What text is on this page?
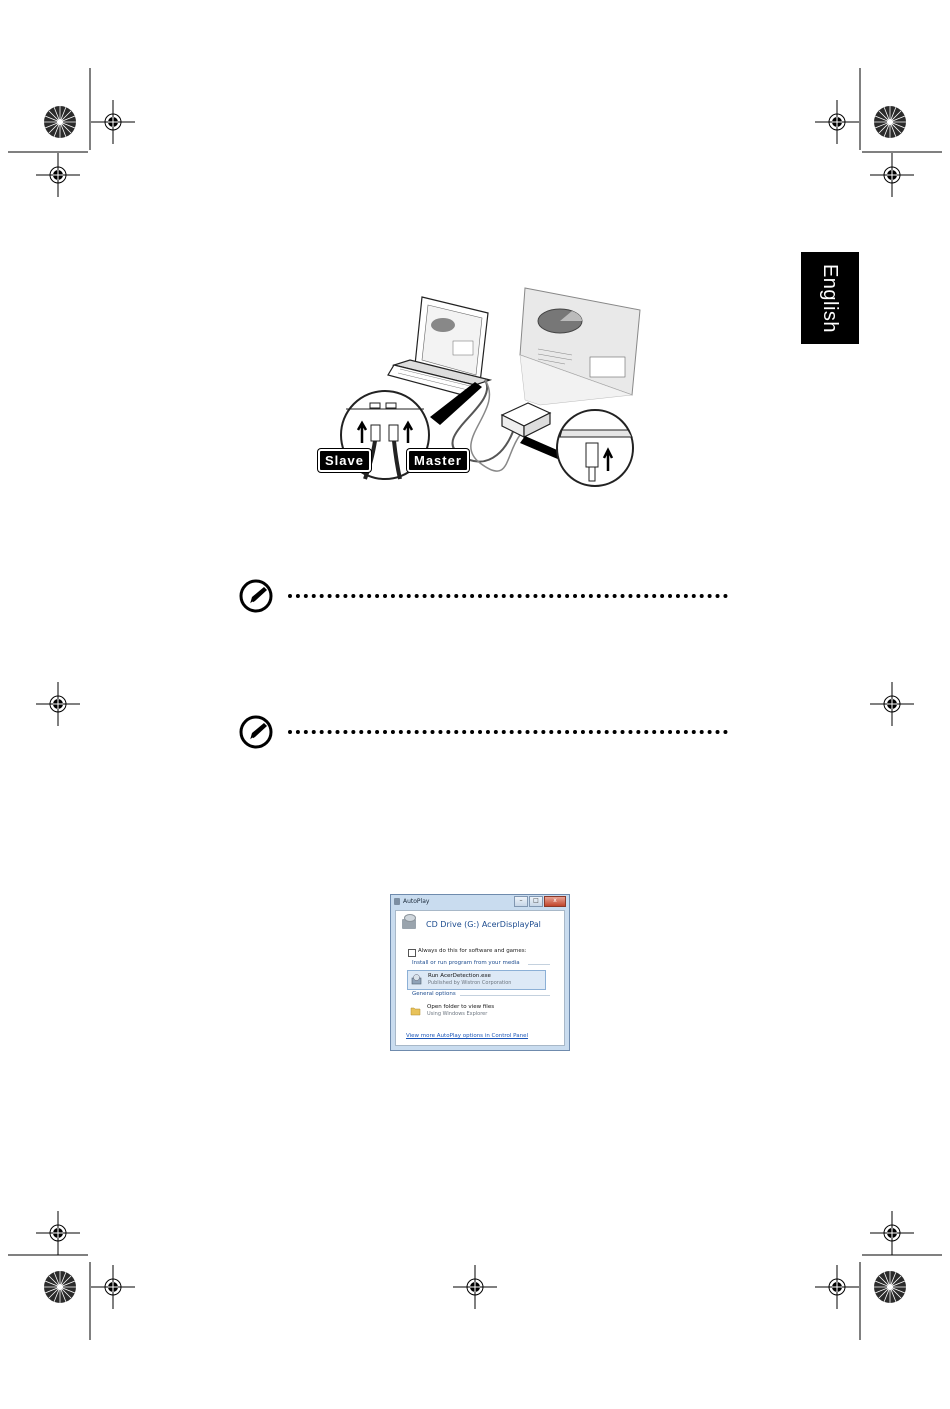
English
Slave	Master
AutoPlay	–	□	x
CD Drive (G:) AcerDisplayPal
Always do this for software and games:
Install or run program from your media
Run AcerDetection.exe
Published by Wistron Corporation
General options
Open folder to view files
Using Windows Explorer
View more AutoPlay options in Control Panel
